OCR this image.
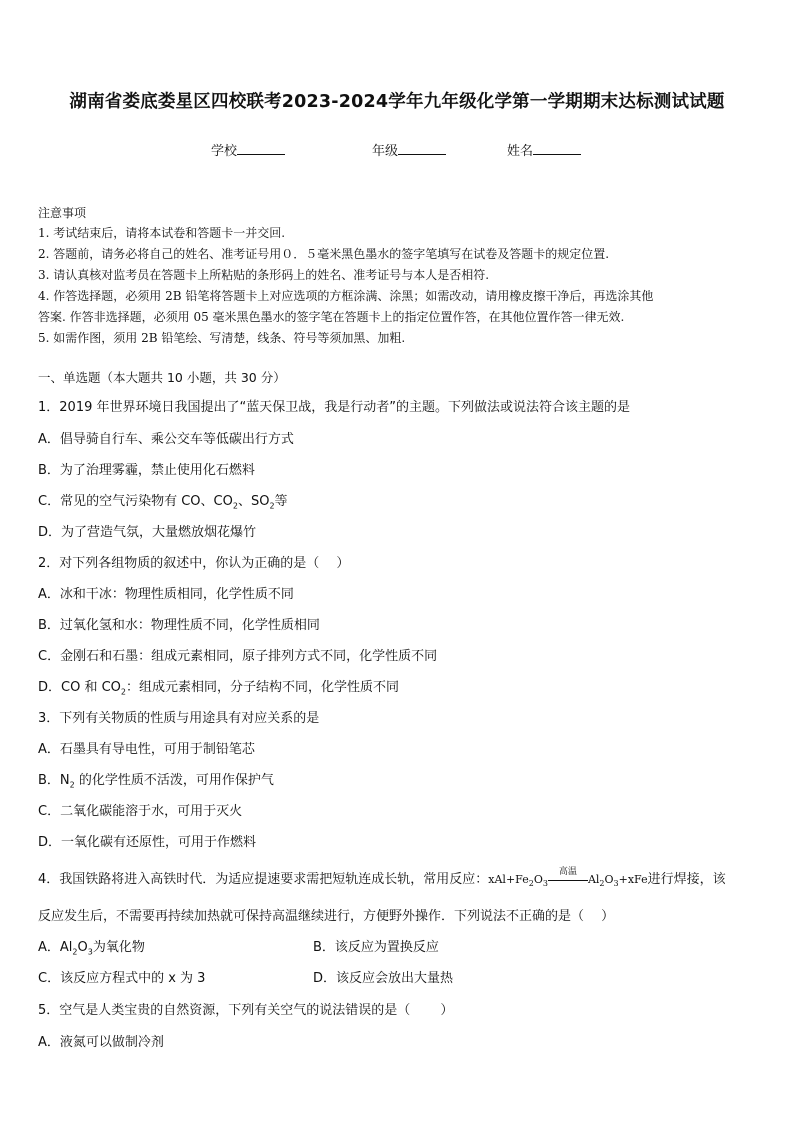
湖南省娄底娄星区四校联考2023-2024学年九年级化学第一学期期末达标测试试题
学校	年级	姓名
注意事项
1. 考试结束后，请将本试卷和答题卡一并交回.
2. 答题前，请务必将自己的姓名、准考证号用０．５毫米黑色墨水的签字笔填写在试卷及答题卡的规定位置.
3. 请认真核对监考员在答题卡上所粘贴的条形码上的姓名、准考证号与本人是否相符.
4. 作答选择题，必须用 2B 铅笔将答题卡上对应选项的方框涂满、涂黑；如需改动，请用橡皮擦干净后，再选涂其他
答案. 作答非选择题，必须用 05 毫米黑色墨水的签字笔在答题卡上的指定位置作答，在其他位置作答一律无效.
5. 如需作图，须用 2B 铅笔绘、写清楚，线条、符号等须加黑、加粗.
一、单选题（本大题共 10 小题，共 30 分）
1．2019 年世界环境日我国提出了“蓝天保卫战，我是行动者”的主题。下列做法或说法符合该主题的是
A．倡导骑自行车、乘公交车等低碳出行方式
B．为了治理雾霾，禁止使用化石燃料
C．常见的空气污染物有 CO、$CO_2$、$SO_2$等
D．为了营造气氛，大量燃放烟花爆竹
2．对下列各组物质的叙述中，你认为正确的是（　 ）
A．冰和干冰：物理性质相同，化学性质不同
B．过氧化氢和水：物理性质不同，化学性质相同
C．金刚石和石墨：组成元素相同，原子排列方式不同，化学性质不同
D．CO 和 $CO_2$：组成元素相同，分子结构不同，化学性质不同
3．下列有关物质的性质与用途具有对应关系的是
A．石墨具有导电性，可用于制铅笔芯
B．$N_2$ 的化学性质不活泼，可用作保护气
C．二氧化碳能溶于水，可用于灭火
D．一氧化碳有还原性，可用于作燃料
4．我国铁路将进入高铁时代．为适应提速要求需把短轨连成长轨，常用反应：$xAl+Fe_2O_3$
高温
$Al_2O_3+xFe$进行焊接，该
反应发生后，不需要再持续加热就可保持高温继续进行，方便野外操作．下列说法不正确的是（　 ）
A．$Al_2O_3$为氧化物	B．该反应为置换反应
C．该反应方程式中的 x 为 3	D．该反应会放出大量热
5．空气是人类宝贵的自然资源，下列有关空气的说法错误的是（　　 ）
A．液氮可以做制冷剂
